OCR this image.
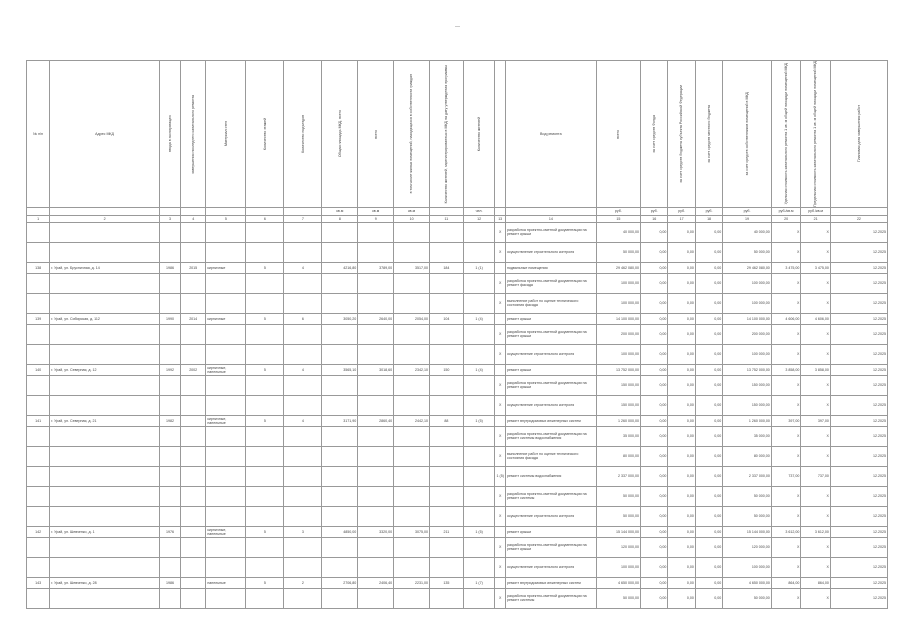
—
№ п/п	Адрес МКД	ввода в эксплуатацию	завершения последнего капитального ремонта	Материал стен	Количество этажей	Количество подъездов	Общая площадь МКД, всего	всего	в том числе жилых помещений, находящихся в собственности граждан	Количество жителей, зарегистрированных в МКД на дату утверждения программы	Количество жителей		Вид ремонта	всего	за счет средств Фонда	за счет средств бюджета субъекта Российской Федерации	за счет средств местного бюджета	за счет средств собственников помещений в МКД	Удельная стоимость капитального ремонта 1 кв. м общей площади помещений МКД	Предельная стоимость капитального ремонта 1 кв. м общей площади помещений МКД	Плановая дата завершения работ

							кв.м	кв.м	кв.м		чел.			руб.	руб.	руб.	руб.	руб.	руб./кв.м	руб./кв.м	
1	2	3	4	5	6	7	8	9	10	11	12	13	14	15	16	17	18	19	20	21	22
												X	разработка проектно-сметной документации на ремонт крыши	40 000,00	0,00	0,00	0,00	40 000,00	X	X	12.2025
												X	осуществление строительного контроля	50 000,00	0,00	0,00	0,00	50 000,00	X	X	12.2025
138	г. Урай, ул. Брусничная, д. 14	1986	2015	кирпичные	5	4	4216,80	3789,00	3517,00	184	1 (1)		подвальные помещения	29 462 080,00	0,00	0,00	0,00	29 462 080,00	3 475,00	3 475,00	12.2025
												X	разработка проектно-сметной документации на ремонт фасада	100 000,00	0,00	0,00	0,00	100 000,00	X	X	12.2025
												X	выполнение работ по оценке технического состояния фасада	100 000,00	0,00	0,00	0,00	100 000,00	X	X	12.2025
139	г. Урай, ул. Сибирская, д. 112	1990	2014	кирпичные	5	6	3050,20	2640,00	2054,00	104	1 (4)		ремонт крыши	14 100 000,00	0,00	0,00	0,00	14 100 000,00	4 606,00	4 606,00	12.2025
												X	разработка проектно-сметной документации на ремонт крыши	200 000,00	0,00	0,00	0,00	200 000,00	X	X	12.2025
												X	осуществление строительного контроля	100 000,00	0,00	0,00	0,00	100 000,00	X	X	12.2025
140	г. Урай, ул. Северная, д. 12	1992	2002	кирпичные, панельные	5	4	3565,10	3018,60	2342,10	150	1 (4)		ремонт крыши	13 752 000,00	0,00	0,00	0,00	13 752 000,00	3 858,00	3 858,00	12.2025
												X	разработка проектно-сметной документации на ремонт крыши	150 000,00	0,00	0,00	0,00	150 000,00	X	X	12.2025
												X	осуществление строительного контроля	150 000,00	0,00	0,00	0,00	150 000,00	X	X	12.2025
141	г. Урай, ул. Северная, д. 21	1982		кирпичные, панельные	5	4	3171,90	2860,40	2442,10	88	1 (5)		ремонт внутридомовых инженерных систем	1 260 000,00	0,00	0,00	0,00	1 260 000,00	397,00	397,00	12.2025
												X	разработка проектно-сметной документации на ремонт системы водоснабжения	35 000,00	0,00	0,00	0,00	35 000,00	X	X	12.2025
												X	выполнение работ по оценке технического состояния фасада	80 000,00	0,00	0,00	0,00	80 000,00	X	X	12.2025
												1 (5)	ремонт системы водоснабжения	2 337 000,00	0,00	0,00	0,00	2 337 000,00	737,00	737,00	12.2025
												X	разработка проектно-сметной документации на ремонт системы	50 000,00	0,00	0,00	0,00	50 000,00	X	X	12.2025
												X	осуществление строительного контроля	50 000,00	0,00	0,00	0,00	50 000,00	X	X	12.2025
142	г. Урай, ул. Шевченко, д. 1	1976		кирпичные, панельные	5	3	4850,00	3320,00	3075,00	211	1 (5)		ремонт крыши	15 144 000,00	0,00	0,00	0,00	15 144 000,00	3 612,00	3 612,00	12.2025
												X	разработка проектно-сметной документации на ремонт крыши	120 000,00	0,00	0,00	0,00	120 000,00	X	X	12.2025
												X	осуществление строительного контроля	100 000,00	0,00	0,00	0,00	100 000,00	X	X	12.2025
143	г. Урай, ул. Шевченко, д. 28	1986		панельные	5	2	2706,80	2406,40	2231,00	135	1 (7)		ремонт внутридомовых инженерных систем	4 650 000,00	0,00	0,00	0,00	4 650 000,00	864,00	864,00	12.2025
												X	разработка проектно-сметной документации на ремонт системы	50 000,00	0,00	0,00	0,00	50 000,00	X	X	12.2025
